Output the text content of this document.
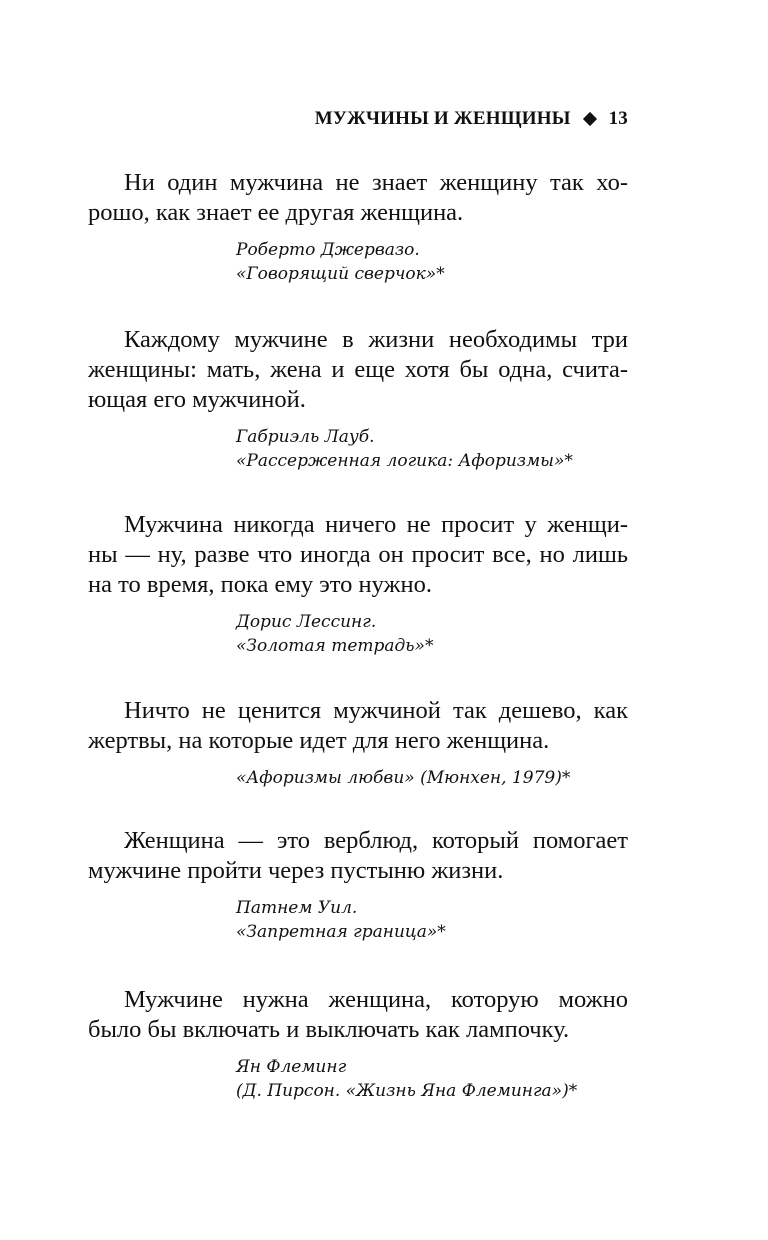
МУЖЧИНЫ И ЖЕНЩИНЫ 13

Ни один мужчина не знает женщину так хо-
рошо, как знает ее другая женщина.

Роберто Джервазо.
«Говорящий сверчок»*

Каждому мужчине в жизни необходимы три
женщины: мать, жена и еще хотя бы одна, счита-
ющая его мужчиной.

Габриэль Лауб.
«Рассерженная логика: Афоризмы»*

Мужчина никогда ничего не просит у женщи-
ны — ну, разве что иногда он просит все, но лишь
на то время, пока ему это нужно.

Дорис Лессинг.
«Золотая тетрадь»*

Ничто не ценится мужчиной так дешево, как
жертвы, на которые идет для него женщина.

«Афоризмы любви» (Мюнхен, 1979)*

Женщина — это верблюд, который помогает
мужчине пройти через пустыню жизни.

Патнем Уил.
«Запретная граница»*

Мужчине нужна женщина, которую можно
было бы включать и выключать как лампочку.

Ян Флеминг
(Д. Пирсон. «Жизнь Яна Флеминга»)*
